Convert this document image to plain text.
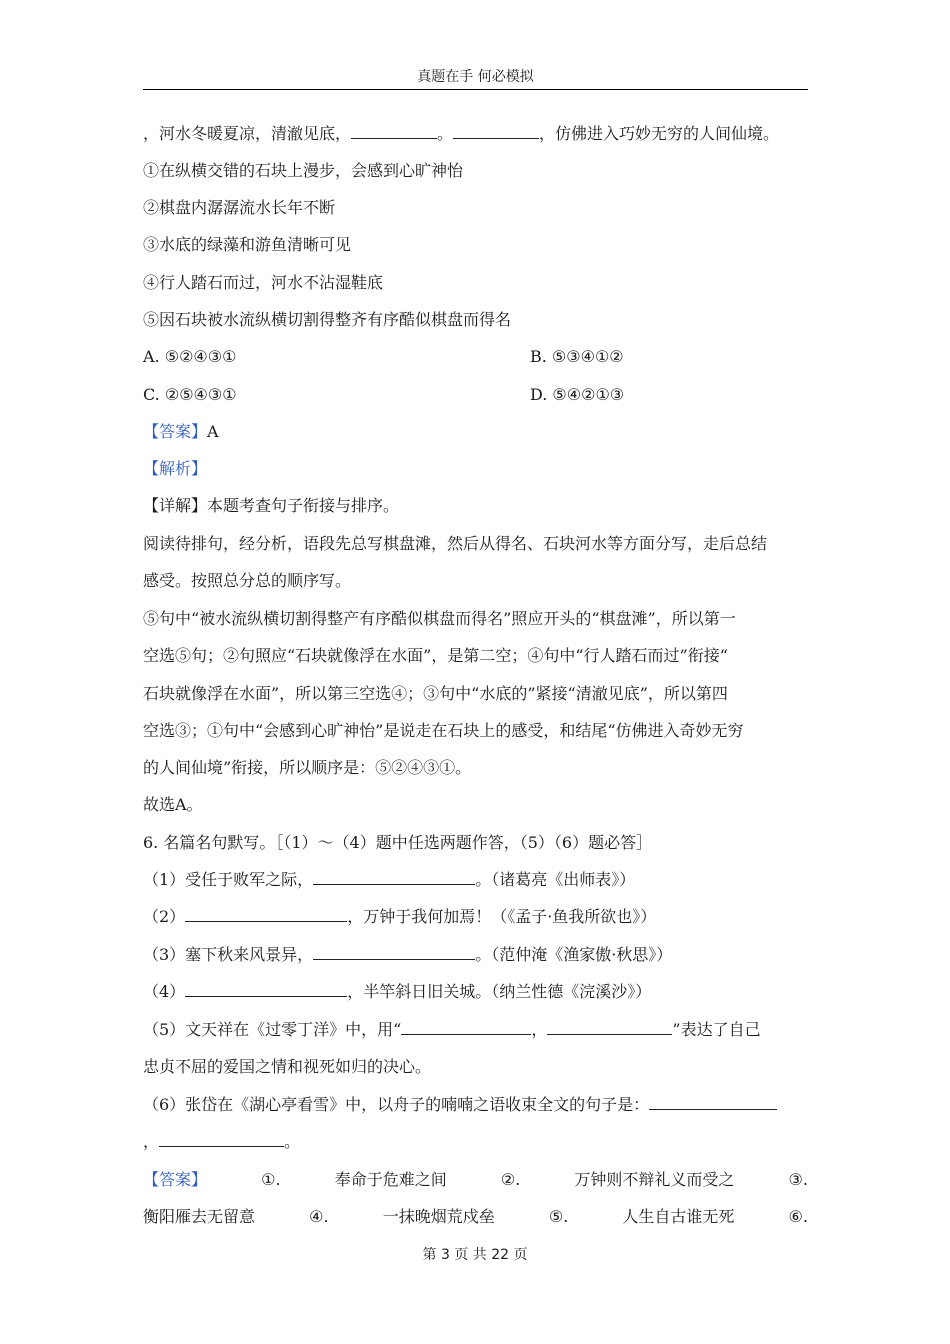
真题在手 何必模拟
，河水冬暖夏凉，清澈见底，	。	，仿佛进入巧妙无穷的人间仙境。
①在纵横交错的石块上漫步，会感到心旷神怡
②棋盘内潺潺流水长年不断
③水底的绿藻和游鱼清晰可见
④行人踏石而过，河水不沾湿鞋底
⑤因石块被水流纵横切割得整齐有序酷似棋盘而得名
A. ⑤②④③①	B. ⑤③④①②
C. ②⑤④③①	D. ⑤④②①③
【答案】A
【解析】
【详解】本题考查句子衔接与排序。
阅读待排句，经分析，语段先总写棋盘滩，然后从得名、石块河水等方面分写，走后总结
感受。按照总分总的顺序写。
⑤句中“被水流纵横切割得整产有序酷似棋盘而得名”照应开头的“棋盘滩”，所以第一
空选⑤句；②句照应“石块就像浮在水面”，是第二空；④句中“行人踏石而过”衔接“
石块就像浮在水面”，所以第三空选④；③句中“水底的”紧接“清澈见底”，所以第四
空选③；①句中“会感到心旷神怡”是说走在石块上的感受，和结尾“仿佛进入奇妙无穷
的人间仙境”衔接，所以顺序是：⑤②④③①。
故选A。
6. 名篇名句默写。［（1）～（4）题中任选两题作答，（5）（6）题必答］
（1）受任于败军之际，	。（诸葛亮《出师表》）
（2）	，万钟于我何加焉！（《孟子·鱼我所欲也》）
（3）塞下秋来风景异，	。（范仲淹《渔家傲·秋思》）
（4）	，半竿斜日旧关城。（纳兰性德《浣溪沙》）
（5）文天祥在《过零丁洋》中，用“	，	”表达了自己
忠贞不屈的爱国之情和视死如归的决心。
（6）张岱在《湖心亭看雪》中，以舟子的喃喃之语收束全文的句子是：
，	。
【答案】	①.	奉命于危难之间	②.	万钟则不辩礼义而受之	③.
衡阳雁去无留意	④.	一抹晚烟荒戍垒	⑤.	人生自古谁无死	⑥.
第 3 页 共 22 页
